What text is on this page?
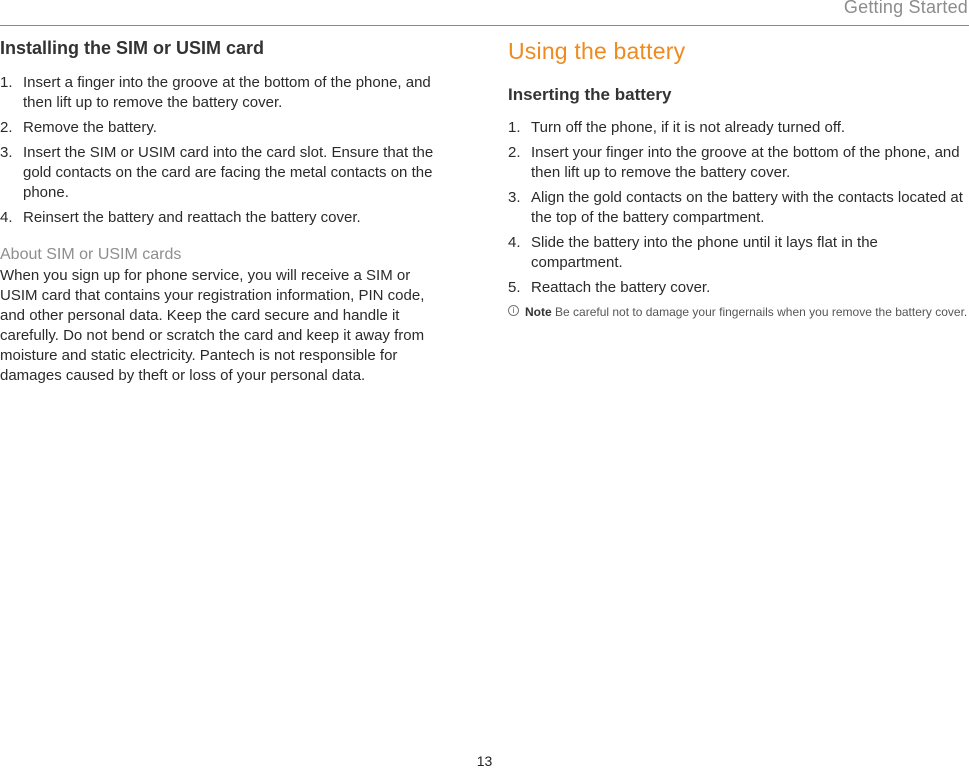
Getting Started
Installing the SIM or USIM card
1. Insert a finger into the groove at the bottom of the phone, and then lift up to remove the battery cover.
2. Remove the battery.
3. Insert the SIM or USIM card into the card slot. Ensure that the gold contacts on the card are facing the metal contacts on the phone.
4. Reinsert the battery and reattach the battery cover.
About SIM or USIM cards

When you sign up for phone service, you will receive a SIM or USIM card that contains your registration information, PIN code, and other personal data. Keep the card secure and handle it carefully. Do not bend or scratch the card and keep it away from moisture and static electricity. Pantech is not responsible for damages caused by theft or loss of your personal data.

Using the battery
Inserting the battery
1. Turn off the phone, if it is not already turned off.
2. Insert your finger into the groove at the bottom of the phone, and then lift up to remove the battery cover.
3. Align the gold contacts on the battery with the contacts located at the top of the battery compartment.
4. Slide the battery into the phone until it lays flat in the compartment.
5. Reattach the battery cover.
i Note Be careful not to damage your fingernails when you remove the battery cover.
13
